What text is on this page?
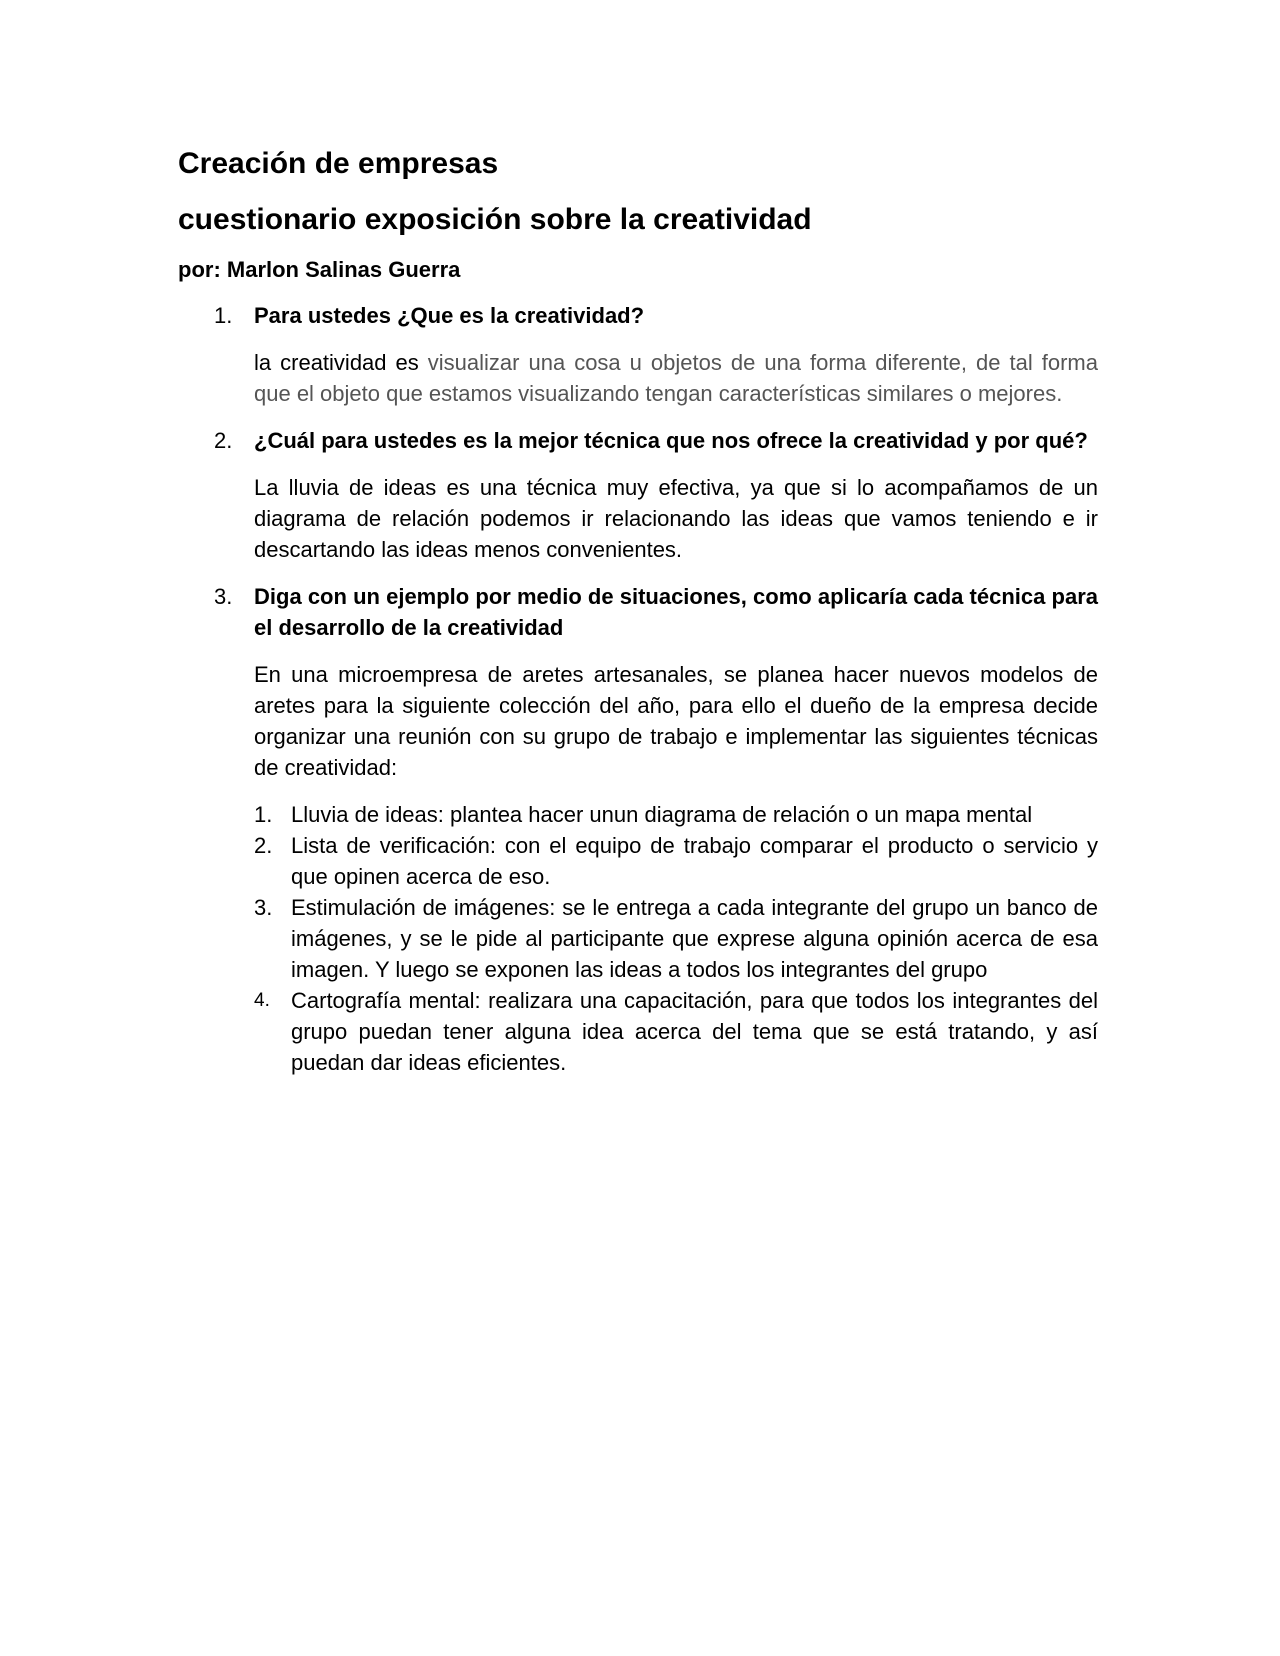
Creación de empresas
cuestionario exposición sobre la creatividad
por: Marlon Salinas Guerra
1. Para ustedes ¿Que es la creatividad?

la creatividad es visualizar una cosa u objetos de una forma diferente, de tal forma que el objeto que estamos visualizando tengan características similares o mejores.

2. ¿Cuál para ustedes es la mejor técnica que nos ofrece la creatividad y por qué?

La lluvia de ideas es una técnica muy efectiva, ya que si lo acompañamos de un diagrama de relación podemos ir relacionando las ideas que vamos teniendo e ir descartando las ideas menos convenientes.

3. Diga con un ejemplo por medio de situaciones, como aplicaría cada técnica para el desarrollo de la creatividad

En una microempresa de aretes artesanales, se planea hacer nuevos modelos de aretes para la siguiente colección del año, para ello el dueño de la empresa decide organizar una reunión con su grupo de trabajo e implementar las siguientes técnicas de creatividad:

1. Lluvia de ideas: plantea hacer unun diagrama de relación o un mapa mental
2. Lista de verificación: con el equipo de trabajo comparar el producto o servicio y que opinen acerca de eso.
3. Estimulación de imágenes: se le entrega a cada integrante del grupo un banco de imágenes, y se le pide al participante que exprese alguna opinión acerca de esa imagen. Y luego se exponen las ideas a todos los integrantes del grupo
4. Cartografía mental: realizara una capacitación, para que todos los integrantes del grupo puedan tener alguna idea acerca del tema que se está tratando, y así puedan dar ideas eficientes.
